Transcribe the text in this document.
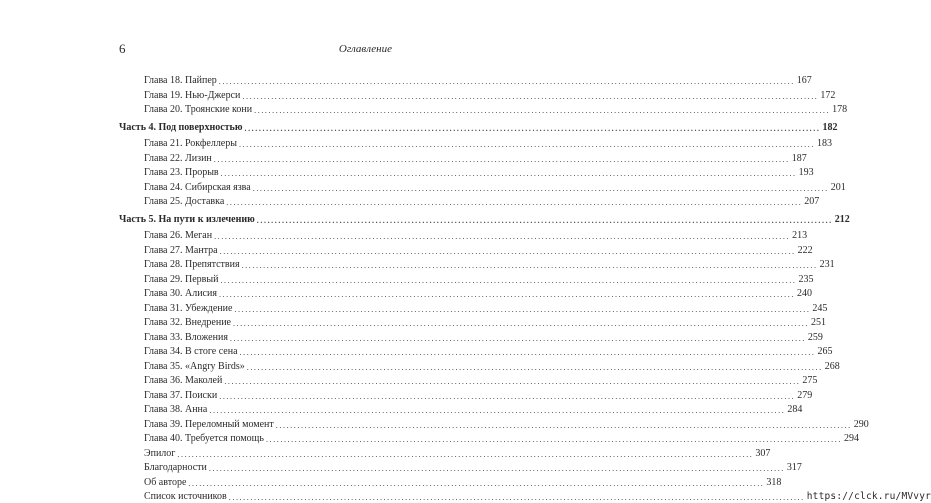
6	Оглавление
Глава 18. Пайпер ................................................................................................................................................................ 167
Глава 19. Нью-Джерси ................................................................................................................................................................ 172
Глава 20. Троянские кони ................................................................................................................................................................ 178
Часть 4. Под поверхностью ................................................................................................................................................................ 182
Глава 21. Рокфеллеры ................................................................................................................................................................ 183
Глава 22. Лизин ................................................................................................................................................................ 187
Глава 23. Прорыв ................................................................................................................................................................ 193
Глава 24. Сибирская язва ................................................................................................................................................................ 201
Глава 25. Доставка ................................................................................................................................................................ 207
Часть 5. На пути к излечению ................................................................................................................................................................ 212
Глава 26. Меган ................................................................................................................................................................ 213
Глава 27. Мантра ................................................................................................................................................................ 222
Глава 28. Препятствия ................................................................................................................................................................ 231
Глава 29. Первый ................................................................................................................................................................ 235
Глава 30. Алисия ................................................................................................................................................................ 240
Глава 31. Убеждение ................................................................................................................................................................ 245
Глава 32. Внедрение ................................................................................................................................................................ 251
Глава 33. Вложения ................................................................................................................................................................ 259
Глава 34. В стоге сена ................................................................................................................................................................ 265
Глава 35. «Angry Birds» ................................................................................................................................................................ 268
Глава 36. Маколей ................................................................................................................................................................ 275
Глава 37. Поиски ................................................................................................................................................................ 279
Глава 38. Анна ................................................................................................................................................................ 284
Глава 39. Переломный момент ................................................................................................................................................................ 290
Глава 40. Требуется помощь ................................................................................................................................................................ 294
Эпилог ................................................................................................................................................................ 307
Благодарности ................................................................................................................................................................ 317
Об авторе ................................................................................................................................................................ 318
Список источников ................................................................................................................................................................ https://clck.ru/MVvyr
